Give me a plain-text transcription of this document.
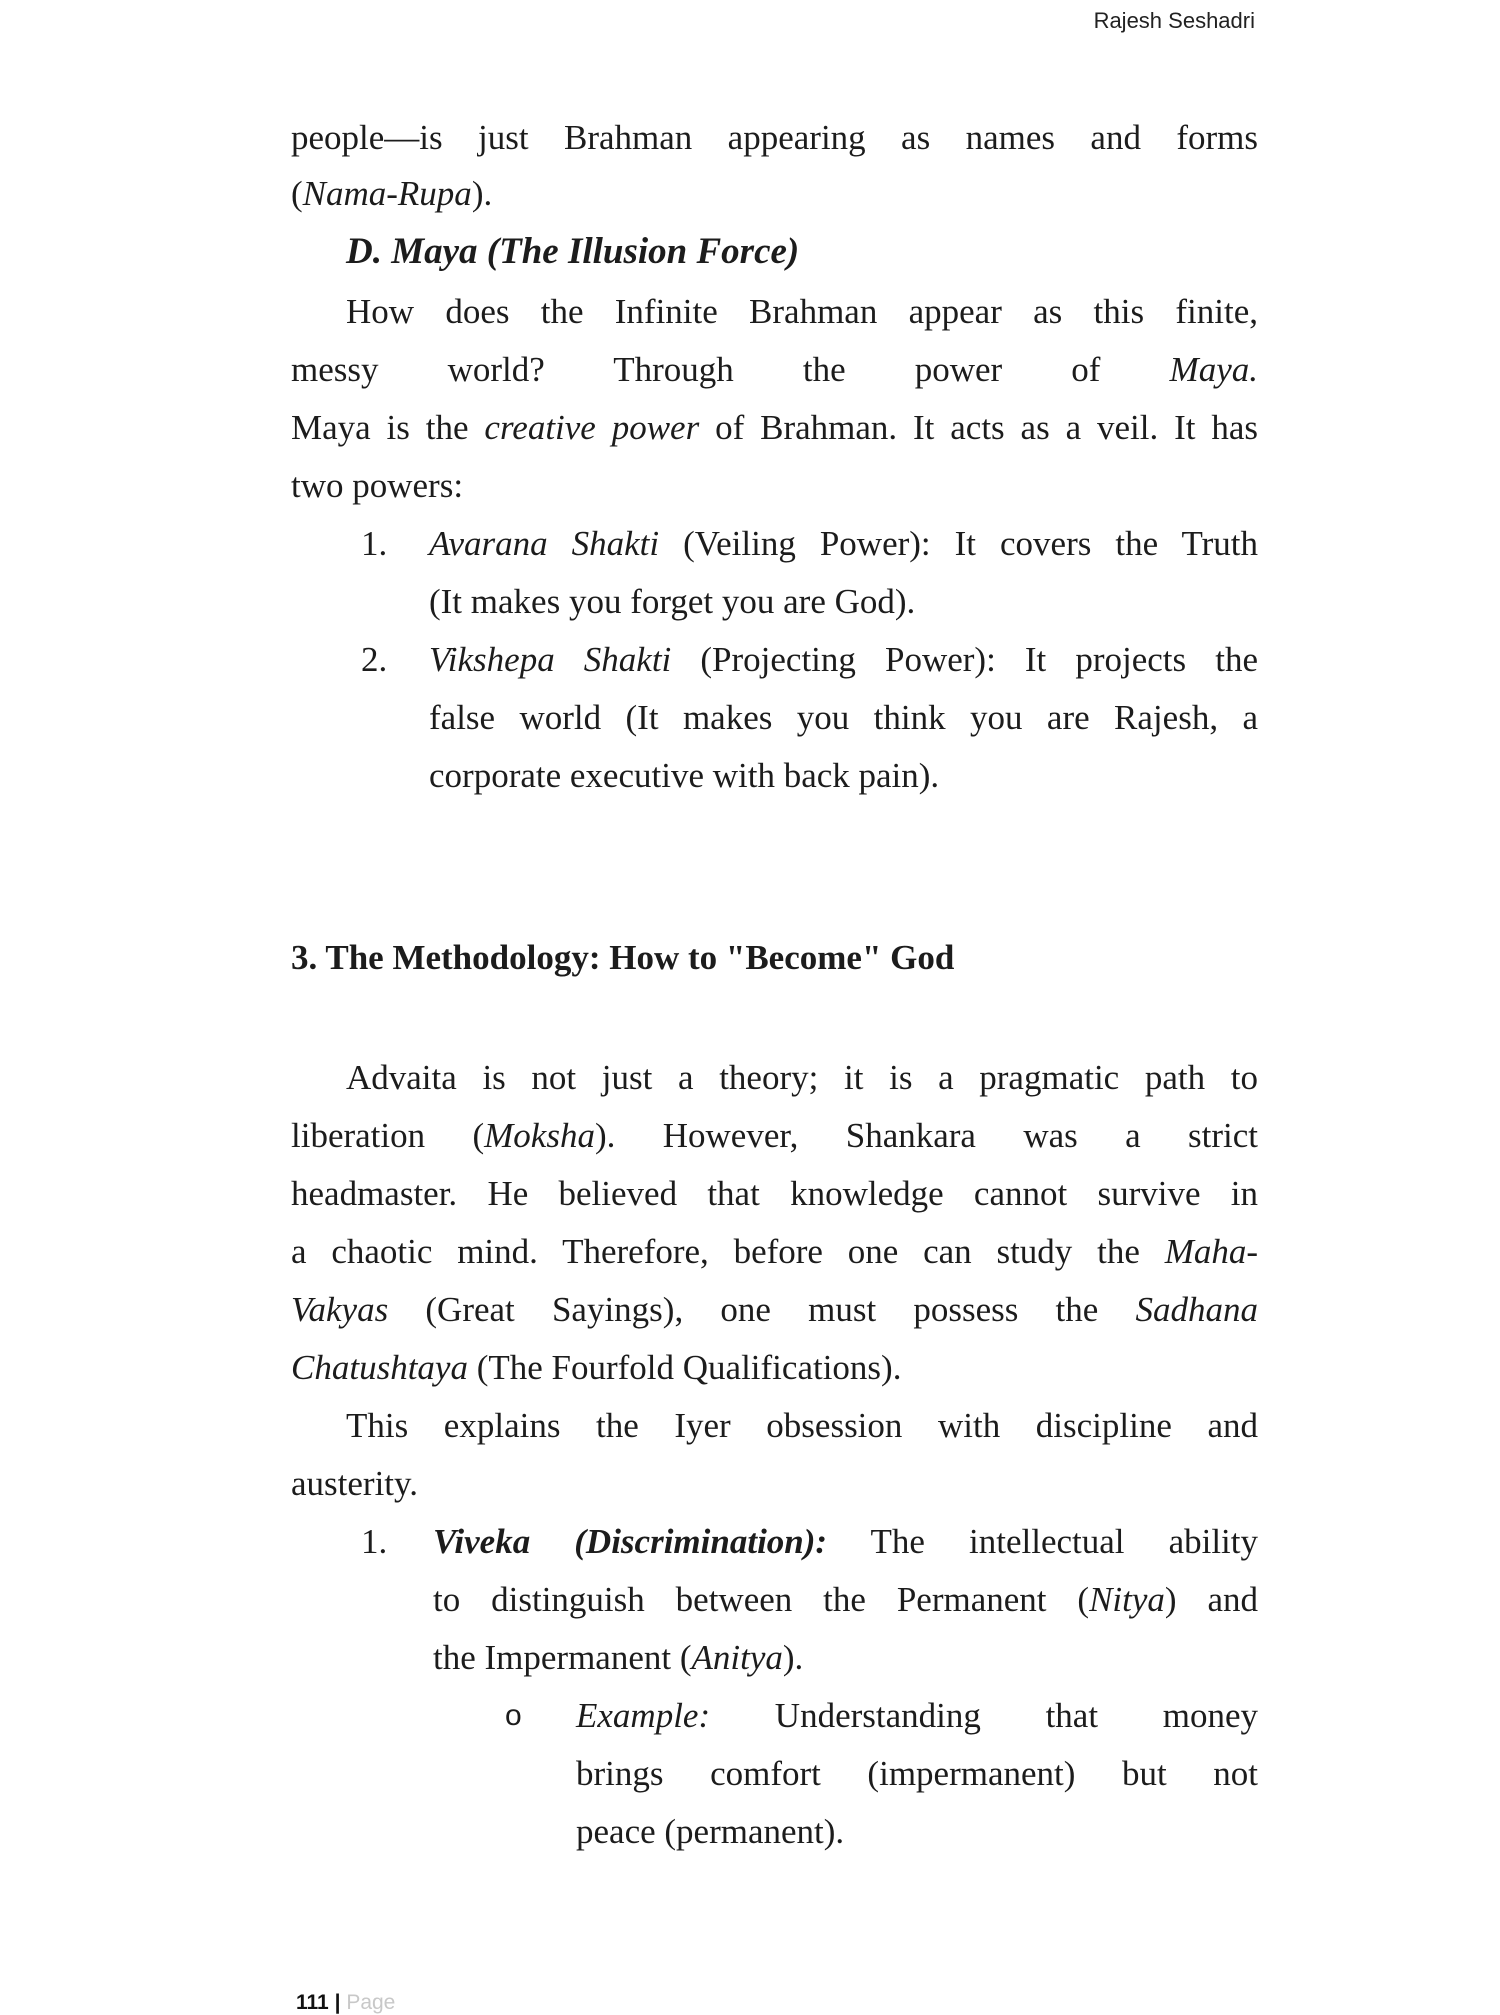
Rajesh Seshadri

people—is just Brahman appearing as names and forms

(Nama-Rupa).

D. Maya (The Illusion Force)

How does the Infinite Brahman appear as this finite,

messy world? Through the power of Maya.

Maya is the creative power of Brahman. It acts as a veil. It has

two powers:

1. Avarana Shakti (Veiling Power): It covers the Truth

(It makes you forget you are God).

2. Vikshepa Shakti (Projecting Power): It projects the

false world (It makes you think you are Rajesh, a

corporate executive with back pain).

3. The Methodology: How to "Become" God

Advaita is not just a theory; it is a pragmatic path to

liberation (Moksha). However, Shankara was a strict

headmaster. He believed that knowledge cannot survive in

a chaotic mind. Therefore, before one can study the Maha-

Vakyas (Great Sayings), one must possess the Sadhana

Chatushtaya (The Fourfold Qualifications).

This explains the Iyer obsession with discipline and

austerity.

1. Viveka (Discrimination): The intellectual ability

to distinguish between the Permanent (Nitya) and

the Impermanent (Anitya).

o Example: Understanding that money

brings comfort (impermanent) but not

peace (permanent).

111 | Page
